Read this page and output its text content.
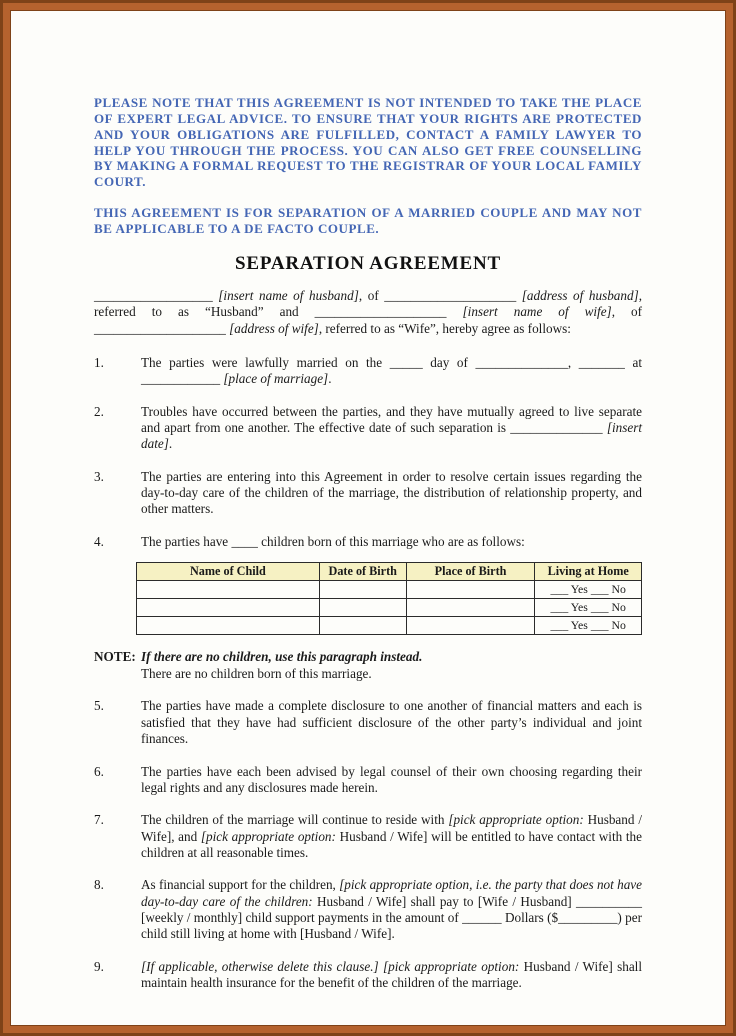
PLEASE NOTE THAT THIS AGREEMENT IS NOT INTENDED TO TAKE THE PLACE OF EXPERT LEGAL ADVICE. TO ENSURE THAT YOUR RIGHTS ARE PROTECTED AND YOUR OBLIGATIONS ARE FULFILLED, CONTACT A FAMILY LAWYER TO HELP YOU THROUGH THE PROCESS. YOU CAN ALSO GET FREE COUNSELLING BY MAKING A FORMAL REQUEST TO THE REGISTRAR OF YOUR LOCAL FAMILY COURT.

THIS AGREEMENT IS FOR SEPARATION OF A MARRIED COUPLE AND MAY NOT BE APPLICABLE TO A DE FACTO COUPLE.

SEPARATION AGREEMENT

__________________ [insert name of husband], of ____________________ [address of husband], referred to as “Husband” and ____________________ [insert name of wife], of ____________________ [address of wife], referred to as “Wife”, hereby agree as follows:

1.	The parties were lawfully married on the _____ day of ______________, _______ at ____________ [place of marriage].
2.	Troubles have occurred between the parties, and they have mutually agreed to live separate and apart from one another. The effective date of such separation is ______________ [insert date].
3.	The parties are entering into this Agreement in order to resolve certain issues regarding the day-to-day care of the children of the marriage, the distribution of relationship property, and other matters.
4.	The parties have ____ children born of this marriage who are as follows:
Name of Child	Date of Birth	Place of Birth	Living at Home
			___ Yes ___ No
			___ Yes ___ No
			___ Yes ___ No
NOTE: If there are no children, use this paragraph instead.
There are no children born of this marriage.
5.	The parties have made a complete disclosure to one another of financial matters and each is satisfied that they have had sufficient disclosure of the other party’s individual and joint finances.
6.	The parties have each been advised by legal counsel of their own choosing regarding their legal rights and any disclosures made herein.
7.	The children of the marriage will continue to reside with [pick appropriate option: Husband / Wife], and [pick appropriate option: Husband / Wife] will be entitled to have contact with the children at all reasonable times.
8.	As financial support for the children, [pick appropriate option, i.e. the party that does not have day-to-day care of the children: Husband / Wife] shall pay to [Wife / Husband] __________ [weekly / monthly] child support payments in the amount of ______ Dollars ($_________) per child still living at home with [Husband / Wife].
9.	[If applicable, otherwise delete this clause.] [pick appropriate option: Husband / Wife] shall maintain health insurance for the benefit of the children of the marriage.
